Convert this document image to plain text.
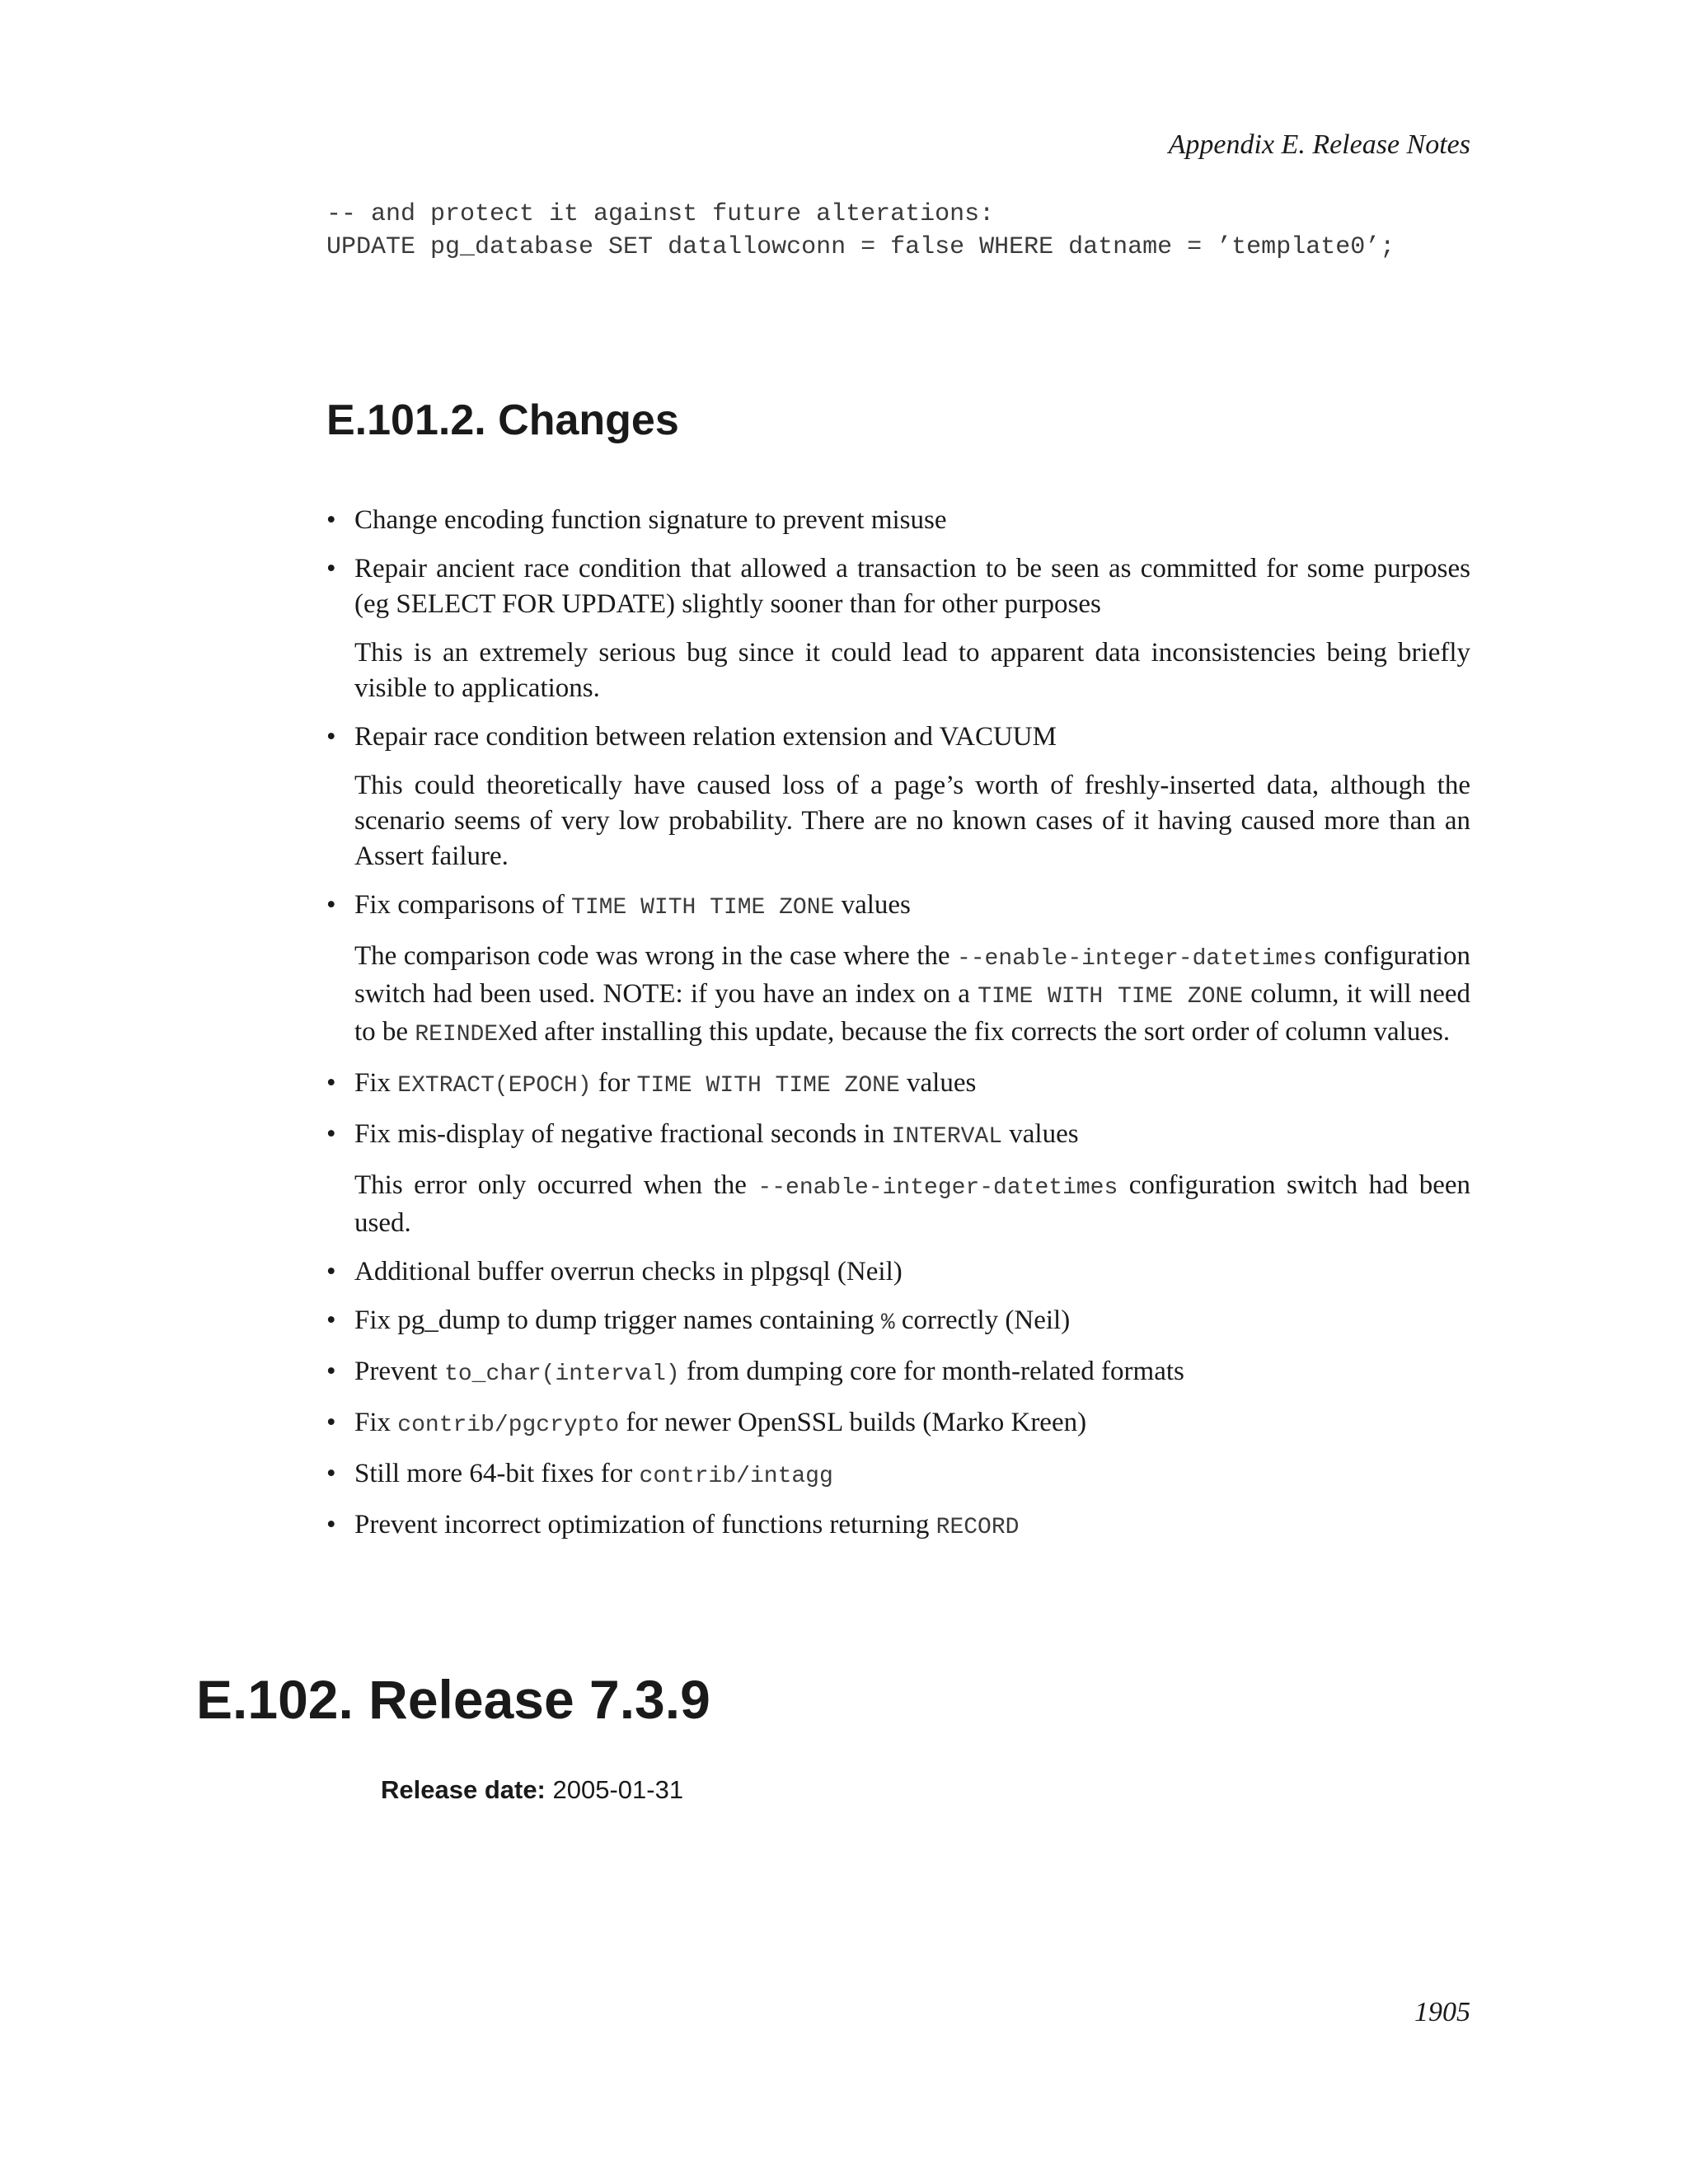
Appendix E. Release Notes
-- and protect it against future alterations:
UPDATE pg_database SET datallowconn = false WHERE datname = ’template0’;
E.101.2. Changes
• Change encoding function signature to prevent misuse
• Repair ancient race condition that allowed a transaction to be seen as committed for some purposes (eg SELECT FOR UPDATE) slightly sooner than for other purposes
This is an extremely serious bug since it could lead to apparent data inconsistencies being briefly visible to applications.
• Repair race condition between relation extension and VACUUM
This could theoretically have caused loss of a page’s worth of freshly-inserted data, although the scenario seems of very low probability. There are no known cases of it having caused more than an Assert failure.
• Fix comparisons of TIME WITH TIME ZONE values
The comparison code was wrong in the case where the --enable-integer-datetimes configuration switch had been used. NOTE: if you have an index on a TIME WITH TIME ZONE column, it will need to be REINDEXed after installing this update, because the fix corrects the sort order of column values.
• Fix EXTRACT(EPOCH) for TIME WITH TIME ZONE values
• Fix mis-display of negative fractional seconds in INTERVAL values
This error only occurred when the --enable-integer-datetimes configuration switch had been used.
• Additional buffer overrun checks in plpgsql (Neil)
• Fix pg_dump to dump trigger names containing % correctly (Neil)
• Prevent to_char(interval) from dumping core for month-related formats
• Fix contrib/pgcrypto for newer OpenSSL builds (Marko Kreen)
• Still more 64-bit fixes for contrib/intagg
• Prevent incorrect optimization of functions returning RECORD
E.102. Release 7.3.9
Release date: 2005-01-31
1905
